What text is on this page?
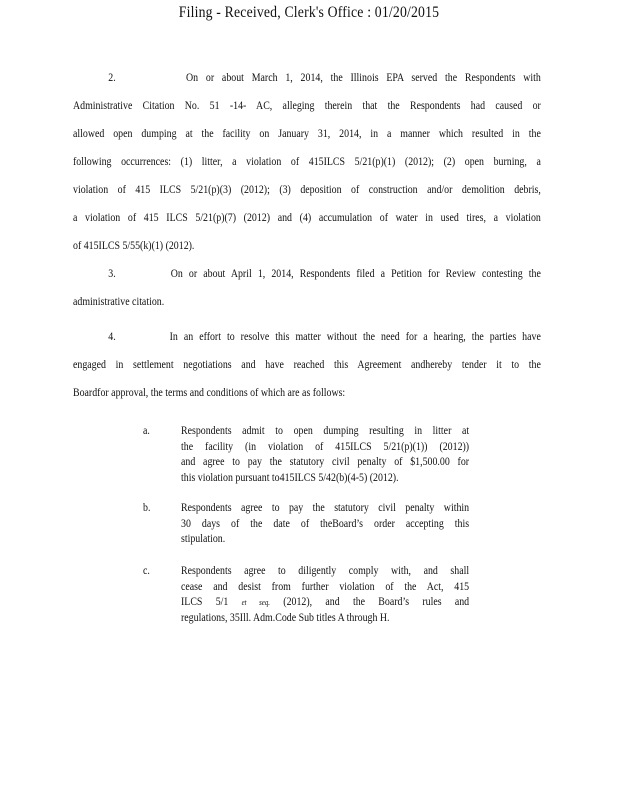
Filing - Received, Clerk's Office : 01/20/2015
2.	On or about March 1, 2014, the Illinois EPA served the Respondents with
Administrative Citation No. 51 -14- AC, alleging therein that the Respondents had caused or
allowed open dumping at the facility on January 31, 2014, in a manner which resulted in the
following occurrences: (1) litter, a violation of 415ILCS 5/21(p)(1) (2012); (2) open burning, a
violation of 415 ILCS 5/21(p)(3) (2012); (3) deposition of construction and/or demolition debris,
a violation of 415 ILCS 5/21(p)(7) (2012) and (4) accumulation of water in used tires, a violation
of 415ILCS 5/55(k)(1) (2012).
3.	On or about April 1, 2014, Respondents filed a Petition for Review contesting the
administrative citation.
4.	In an effort to resolve this matter without the need for a hearing, the parties have
engaged in settlement negotiations and have reached this Agreement andhereby tender it to the
Boardfor approval, the terms and conditions of which are as follows:
a.	Respondents admit to open dumping resulting in litter at
the facility (in violation of 415ILCS 5/21(p)(1)) (2012))
and agree to pay the statutory civil penalty of $1,500.00 for
this violation pursuant to415ILCS 5/42(b)(4-5) (2012).
b.	Respondents agree to pay the statutory civil penalty within
30 days of the date of theBoard’s order accepting this
stipulation.
c.	Respondents agree to diligently comply with, and shall
cease and desist from further violation of the Act, 415
ILCS 5/1 et seq. (2012), and the Board’s rules and
regulations, 35Ill. Adm.Code Sub titles A through H.
